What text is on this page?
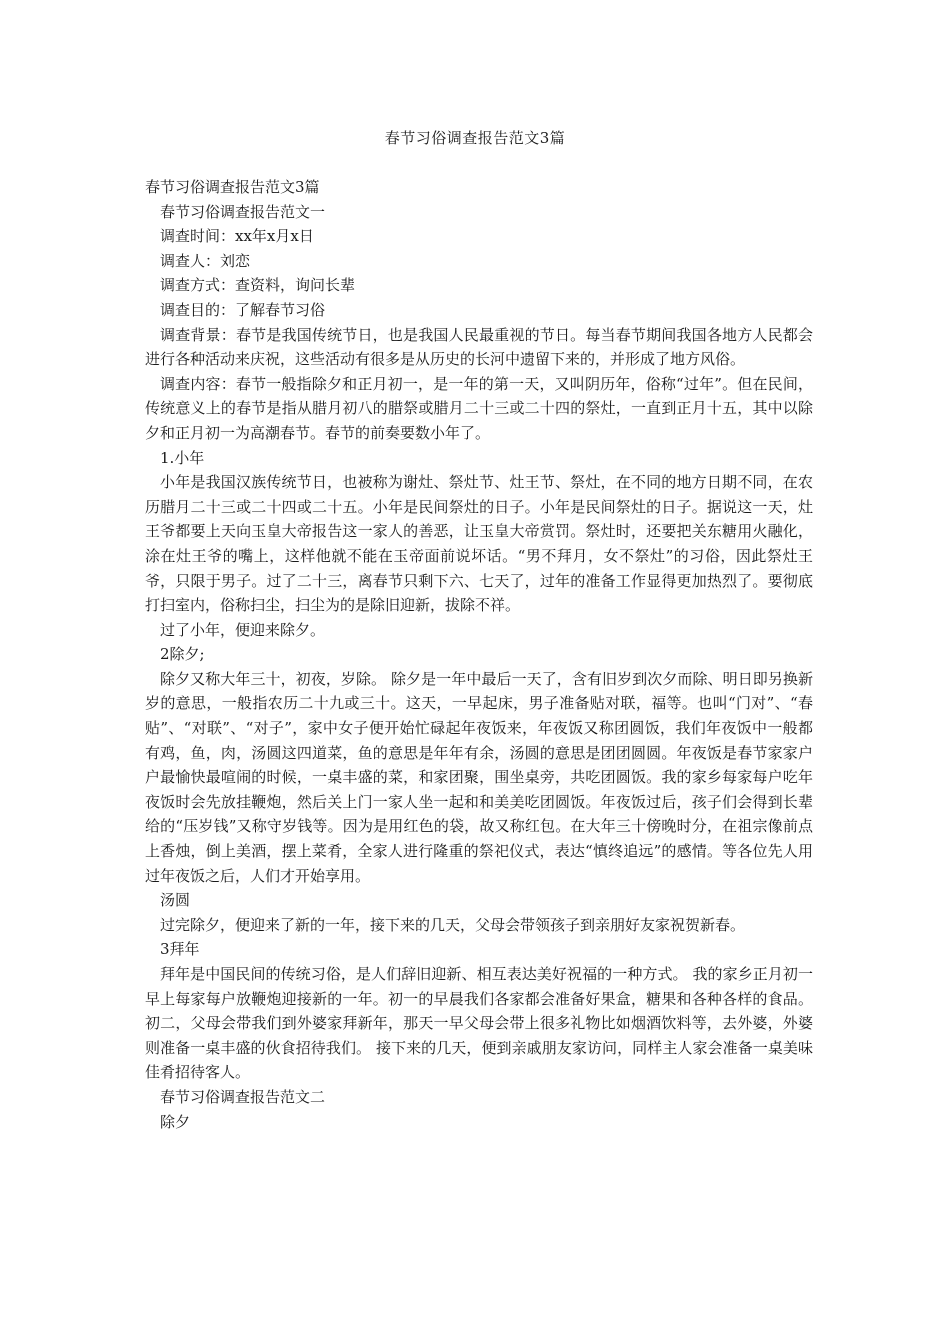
春节习俗调查报告范文3篇

春节习俗调查报告范文3篇

春节习俗调查报告范文一

调查时间：xx年x月x日

调查人：刘恋

调查方式：查资料，询问长辈

调查目的：了解春节习俗

调查背景：春节是我国传统节日，也是我国人民最重视的节日。每当春节期间我国各地方人民都会进行各种活动来庆祝，这些活动有很多是从历史的长河中遗留下来的，并形成了地方风俗。

调查内容：春节一般指除夕和正月初一，是一年的第一天，又叫阴历年，俗称“过年”。但在民间，传统意义上的春节是指从腊月初八的腊祭或腊月二十三或二十四的祭灶，一直到正月十五，其中以除夕和正月初一为高潮春节。春节的前奏要数小年了。

1.小年

小年是我国汉族传统节日，也被称为谢灶、祭灶节、灶王节、祭灶，在不同的地方日期不同，在农历腊月二十三或二十四或二十五。小年是民间祭灶的日子。小年是民间祭灶的日子。据说这一天，灶王爷都要上天向玉皇大帝报告这一家人的善恶，让玉皇大帝赏罚。祭灶时，还要把关东糖用火融化，涂在灶王爷的嘴上，这样他就不能在玉帝面前说坏话。“男不拜月，女不祭灶”的习俗，因此祭灶王爷，只限于男子。过了二十三，离春节只剩下六、七天了，过年的准备工作显得更加热烈了。要彻底打扫室内，俗称扫尘，扫尘为的是除旧迎新，拔除不祥。

过了小年，便迎来除夕。

2除夕;

除夕又称大年三十，初夜，岁除。 除夕是一年中最后一天了，含有旧岁到次夕而除、明日即另换新岁的意思，一般指农历二十九或三十。这天，一早起床，男子准备贴对联，福等。也叫“门对”、“春贴”、“对联”、“对子”，家中女子便开始忙碌起年夜饭来，年夜饭又称团圆饭，我们年夜饭中一般都有鸡，鱼，肉，汤圆这四道菜，鱼的意思是年年有余，汤圆的意思是团团圆圆。年夜饭是春节家家户户最愉快最喧闹的时候，一桌丰盛的菜，和家团聚，围坐桌旁，共吃团圆饭。我的家乡每家每户吃年夜饭时会先放挂鞭炮，然后关上门一家人坐一起和和美美吃团圆饭。年夜饭过后，孩子们会得到长辈给的“压岁钱”又称守岁钱等。因为是用红色的袋，故又称红包。在大年三十傍晚时分，在祖宗像前点上香烛，倒上美酒，摆上菜肴，全家人进行隆重的祭祀仪式，表达“慎终追远”的感情。等各位先人用过年夜饭之后，人们才开始享用。

汤圆

过完除夕，便迎来了新的一年，接下来的几天，父母会带领孩子到亲朋好友家祝贺新春。

3拜年

拜年是中国民间的传统习俗，是人们辞旧迎新、相互表达美好祝福的一种方式。 我的家乡正月初一早上每家每户放鞭炮迎接新的一年。初一的早晨我们各家都会准备好果盒，糖果和各种各样的食品。初二，父母会带我们到外婆家拜新年，那天一早父母会带上很多礼物比如烟酒饮料等，去外婆，外婆则准备一桌丰盛的伙食招待我们。 接下来的几天，便到亲戚朋友家访问，同样主人家会准备一桌美味佳肴招待客人。

春节习俗调查报告范文二

除夕
